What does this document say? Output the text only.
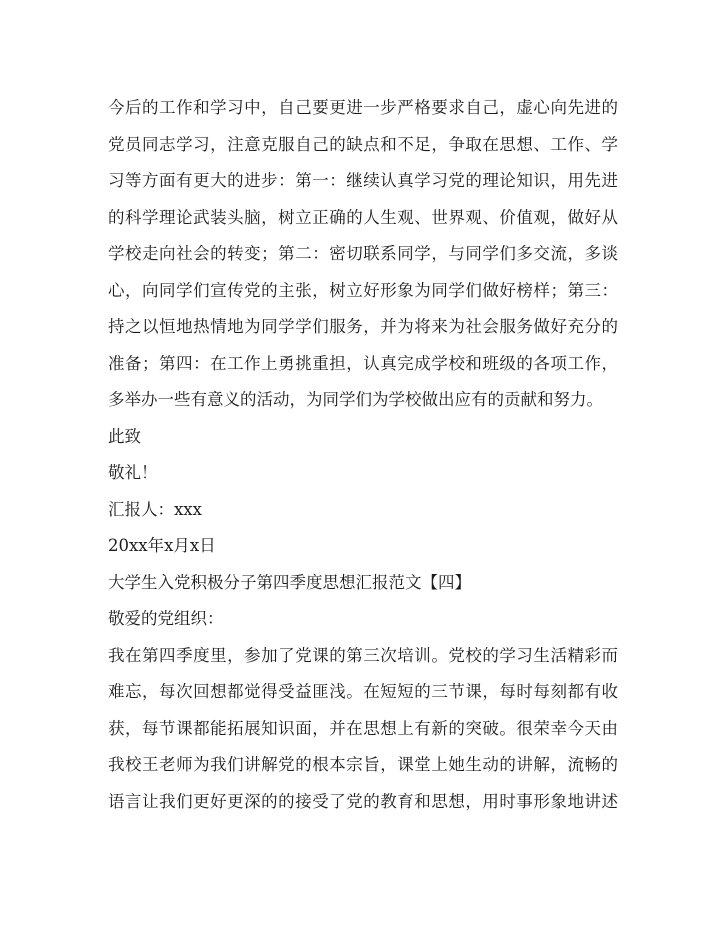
今后的工作和学习中，自己要更进一步严格要求自己，虚心向先进的
党员同志学习，注意克服自己的缺点和不足，争取在思想、工作、学
习等方面有更大的进步：第一：继续认真学习党的理论知识，用先进
的科学理论武装头脑，树立正确的人生观、世界观、价值观，做好从
学校走向社会的转变；第二：密切联系同学，与同学们多交流，多谈
心，向同学们宣传党的主张，树立好形象为同学们做好榜样；第三：
持之以恒地热情地为同学学们服务，并为将来为社会服务做好充分的
准备；第四：在工作上勇挑重担，认真完成学校和班级的各项工作，
多举办一些有意义的活动，为同学们为学校做出应有的贡献和努力。
此致
敬礼！
汇报人：xxx
20xx年x月x日
大学生入党积极分子第四季度思想汇报范文【四】
敬爱的党组织：
我在第四季度里，参加了党课的第三次培训。党校的学习生活精彩而
难忘，每次回想都觉得受益匪浅。在短短的三节课，每时每刻都有收
获，每节课都能拓展知识面，并在思想上有新的突破。很荣幸今天由
我校王老师为我们讲解党的根本宗旨，课堂上她生动的讲解，流畅的
语言让我们更好更深的的接受了党的教育和思想，用时事形象地讲述
